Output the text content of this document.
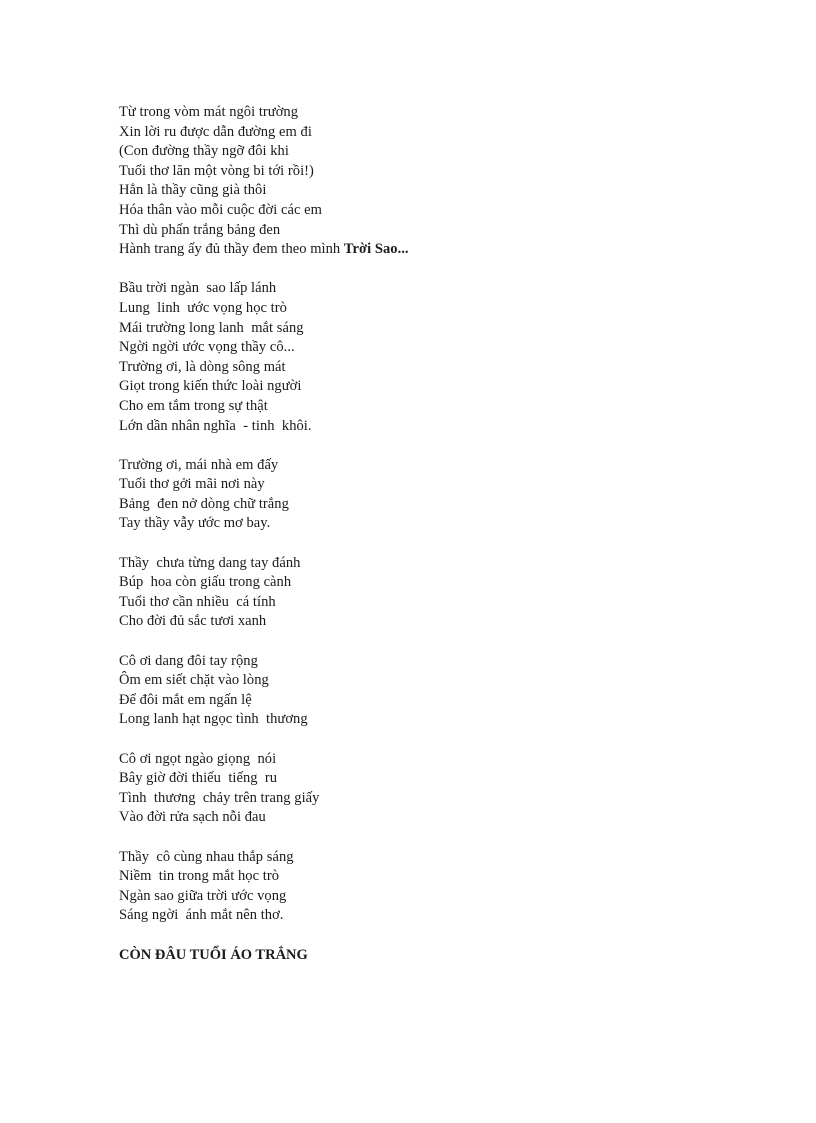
Từ trong vòm mát ngôi trường
Xin lời ru được dẫn đường em đi
(Con đường thầy ngỡ đôi khi
Tuổi thơ lăn một vòng bi tới rồi!)
Hẳn là thầy cũng già thôi
Hóa thân vào mỗi cuộc đời các em
Thì dù phấn trắng bảng đen
Hành trang ấy đủ thầy đem theo mình Trời Sao...
Bầu trời ngàn  sao lấp lánh
Lung  linh  ước vọng học trò
Mái trường long lanh  mắt sáng
Ngời ngời ước vọng thầy cô...
Trường ơi, là dòng sông mát
Giọt trong kiến thức loài người
Cho em tắm trong sự thật
Lớn dần nhân nghĩa  - tinh  khôi.
Trường ơi, mái nhà em đấy
Tuổi thơ gởi mãi nơi này
Bảng  đen nở dòng chữ trắng
Tay thầy vẫy ước mơ bay.
Thầy  chưa từng dang tay đánh
Búp  hoa còn giấu trong cành
Tuổi thơ cần nhiều  cá tính
Cho đời đủ sắc tươi xanh
Cô ơi dang đôi tay rộng
Ôm em siết chặt vào lòng
Để đôi mắt em ngấn lệ
Long lanh hạt ngọc tình  thương
Cô ơi ngọt ngào giọng  nói
Bây giờ đời thiếu  tiếng  ru
Tình  thương  chảy trên trang giấy
Vào đời rửa sạch nỗi đau
Thầy  cô cùng nhau thắp sáng
Niềm  tin trong mắt học trò
Ngàn sao giữa trời ước vọng
Sáng ngời  ánh mắt nên thơ.
CÒN ĐÂU TUỔI ÁO TRẮNG
